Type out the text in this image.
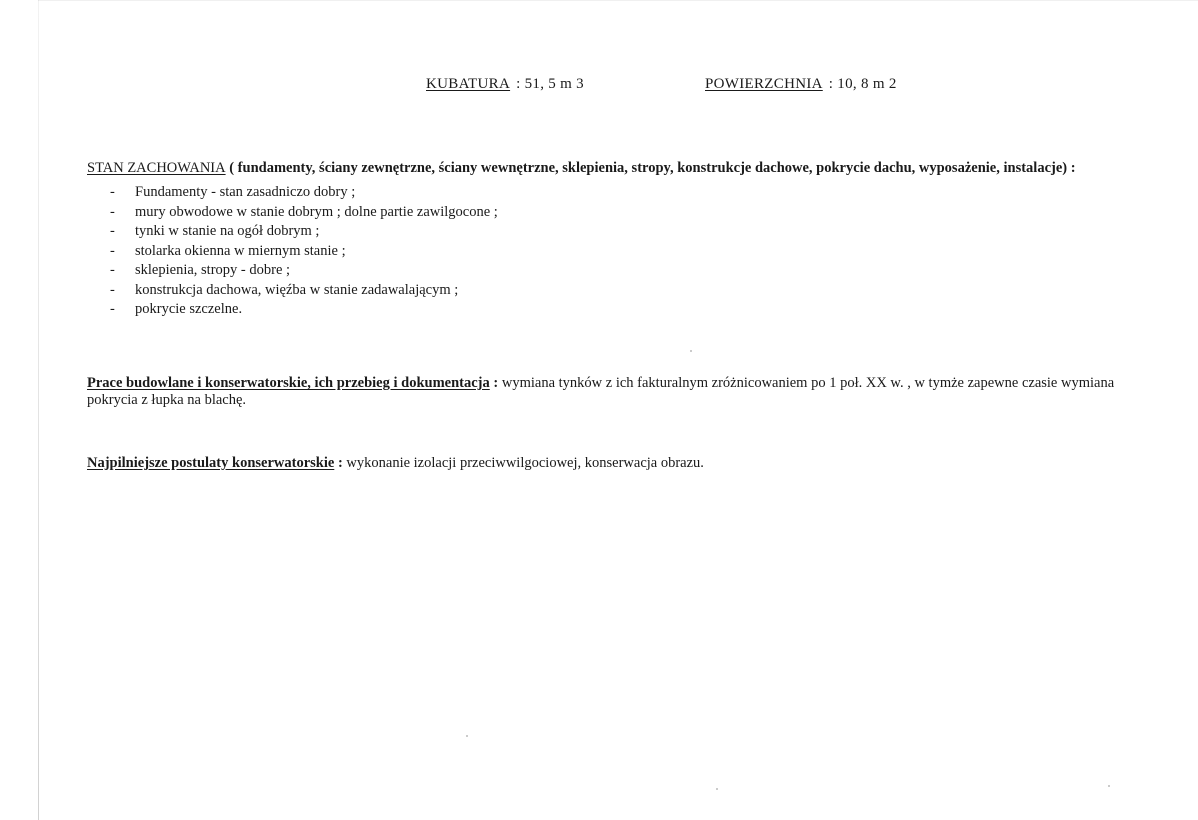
KUBATURA : 51, 5 m 3	POWIERZCHNIA : 10, 8 m 2
STAN ZACHOWANIA ( fundamenty, ściany zewnętrzne, ściany wewnętrzne, sklepienia, stropy, konstrukcje dachowe, pokrycie dachu, wyposażenie, instalacje) :
- Fundamenty - stan zasadniczo dobry ;
- mury obwodowe w stanie dobrym ; dolne partie zawilgocone ;
- tynki w stanie na ogół dobrym ;
- stolarka okienna w miernym stanie ;
- sklepienia, stropy - dobre ;
- konstrukcja dachowa, więźba w stanie zadawalającym ;
- pokrycie szczelne.
Prace budowlane i konserwatorskie, ich przebieg i dokumentacja : wymiana tynków z ich fakturalnym zróżnicowaniem po 1 poł. XX w. , w tymże zapewne czasie wymiana pokrycia z łupka na blachę.
Najpilniejsze postulaty konserwatorskie : wykonanie izolacji przeciwwilgociowej, konserwacja obrazu.
